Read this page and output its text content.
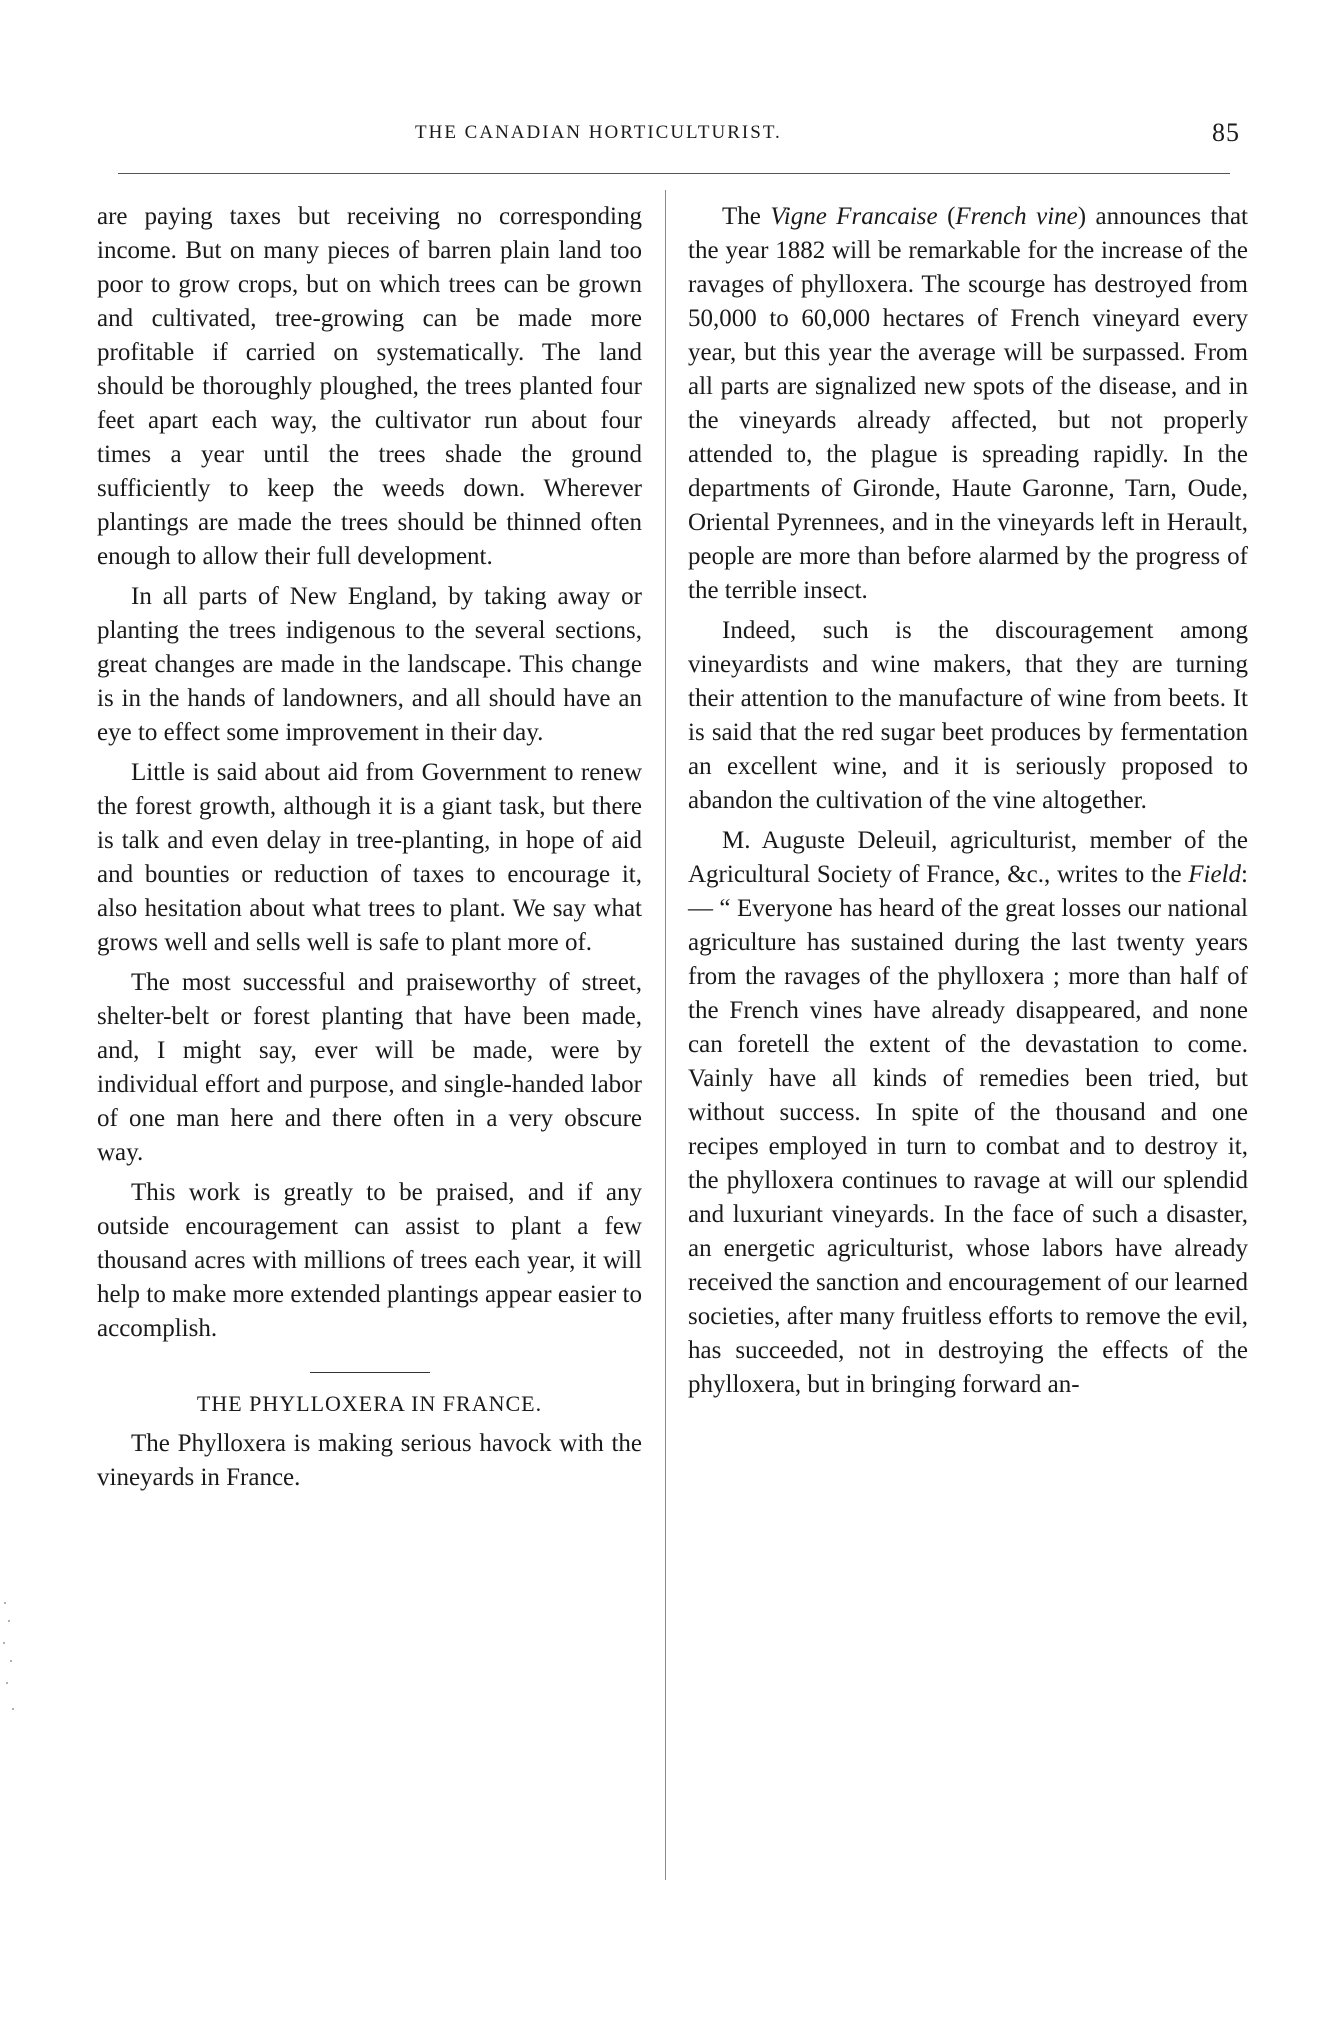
THE CANADIAN HORTICULTURIST.	85

are paying taxes but receiving no corresponding income. But on many pieces of barren plain land too poor to grow crops, but on which trees can be grown and cultivated, tree-growing can be made more profitable if carried on systematically. The land should be thoroughly ploughed, the trees planted four feet apart each way, the cultivator run about four times a year until the trees shade the ground sufficiently to keep the weeds down. Wherever plantings are made the trees should be thinned often enough to allow their full development.

In all parts of New England, by taking away or planting the trees indigenous to the several sections, great changes are made in the landscape. This change is in the hands of landowners, and all should have an eye to effect some improvement in their day.

Little is said about aid from Government to renew the forest growth, although it is a giant task, but there is talk and even delay in tree-planting, in hope of aid and bounties or reduction of taxes to encourage it, also hesitation about what trees to plant. We say what grows well and sells well is safe to plant more of.

The most successful and praiseworthy of street, shelter-belt or forest planting that have been made, and, I might say, ever will be made, were by individual effort and purpose, and single-handed labor of one man here and there often in a very obscure way.

This work is greatly to be praised, and if any outside encouragement can assist to plant a few thousand acres with millions of trees each year, it will help to make more extended plantings appear easier to accomplish.

THE PHYLLOXERA IN FRANCE.

The Phylloxera is making serious havock with the vineyards in France.

The Vigne Francaise (French vine) announces that the year 1882 will be remarkable for the increase of the ravages of phylloxera. The scourge has destroyed from 50,000 to 60,000 hectares of French vineyard every year, but this year the average will be surpassed. From all parts are signalized new spots of the disease, and in the vineyards already affected, but not properly attended to, the plague is spreading rapidly. In the departments of Gironde, Haute Garonne, Tarn, Oude, Oriental Pyrennees, and in the vineyards left in Herault, people are more than before alarmed by the progress of the terrible insect.

Indeed, such is the discouragement among vineyardists and wine makers, that they are turning their attention to the manufacture of wine from beets. It is said that the red sugar beet produces by fermentation an excellent wine, and it is seriously proposed to abandon the cultivation of the vine altogether.

M. Auguste Deleuil, agriculturist, member of the Agricultural Society of France, &c., writes to the Field:— “ Everyone has heard of the great losses our national agriculture has sustained during the last twenty years from the ravages of the phylloxera ; more than half of the French vines have already disappeared, and none can foretell the extent of the devastation to come. Vainly have all kinds of remedies been tried, but without success. In spite of the thousand and one recipes employed in turn to combat and to destroy it, the phylloxera continues to ravage at will our splendid and luxuriant vineyards. In the face of such a disaster, an energetic agriculturist, whose labors have already received the sanction and encouragement of our learned societies, after many fruitless efforts to remove the evil, has succeeded, not in destroying the effects of the phylloxera, but in bringing forward an-
